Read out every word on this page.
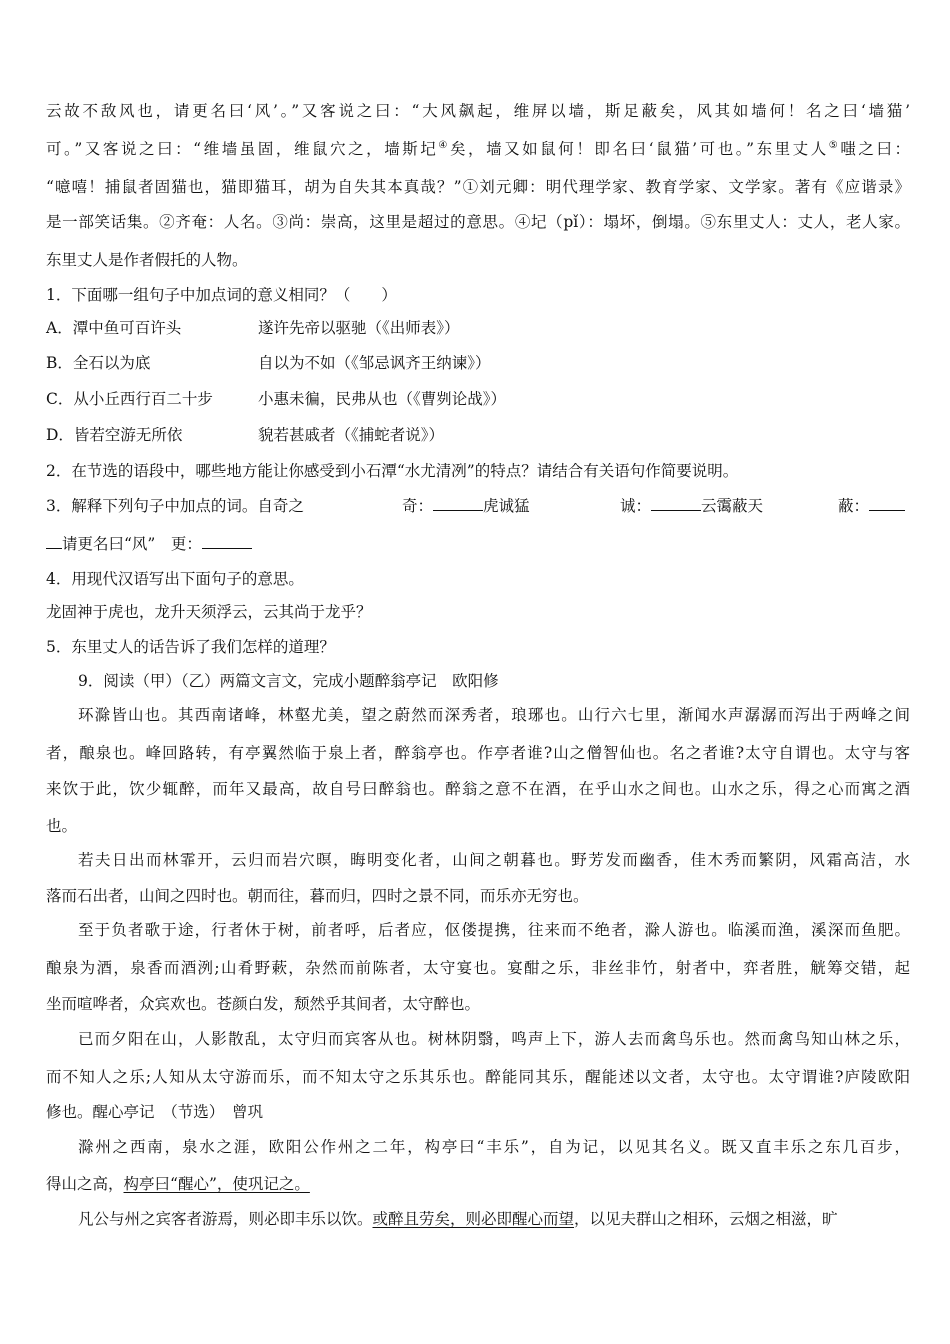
云故不敌风也，请更名曰‘风’。”又客说之曰：“大风飙起，维屏以墙，斯足蔽矣，风其如墙何！名之曰‘墙猫’
可。”又客说之曰：“维墙虽固，维鼠穴之，墙斯圮④矣，墙又如鼠何！即名曰‘鼠猫’可也。”东里丈人⑤嗤之曰：
“噫嘻！捕鼠者固猫也，猫即猫耳，胡为自失其本真哉？”①刘元卿：明代理学家、教育学家、文学家。著有《应谐录》
是一部笑话集。②齐奄：人名。③尚：崇高，这里是超过的意思。④圮（pǐ）：塌坏，倒塌。⑤东里丈人：丈人，老人家。
东里丈人是作者假托的人物。
1．下面哪一组句子中加点词的意义相同？（　　）
A．潭中鱼可百许头	遂许先帝以驱驰（《出师表》）
B．全石以为底	自以为不如（《邹忌讽齐王纳谏》）
C．从小丘西行百二十步	小惠未徧，民弗从也（《曹刿论战》）
D．皆若空游无所依	貌若甚戚者（《捕蛇者说》）
2．在节选的语段中，哪些地方能让你感受到小石潭“水尤清冽”的特点？请结合有关语句作简要说明。
3．解释下列句子中加点的词。自奇之	奇：	虎诚猛	诚：	云霭蔽天	蔽：
请更名曰“风”　 更：
4．用现代汉语写出下面句子的意思。
龙固神于虎也，龙升天须浮云，云其尚于龙乎？
5．东里丈人的话告诉了我们怎样的道理？
9．阅读（甲）（乙）两篇文言文，完成小题醉翁亭记　欧阳修
环滁皆山也。其西南诸峰，林壑尤美，望之蔚然而深秀者，琅琊也。山行六七里，渐闻水声潺潺而泻出于两峰之间
者，酿泉也。峰回路转，有亭翼然临于泉上者，醉翁亭也。作亭者谁?山之僧智仙也。名之者谁?太守自谓也。太守与客
来饮于此，饮少辄醉，而年又最高，故自号曰醉翁也。醉翁之意不在酒，在乎山水之间也。山水之乐，得之心而寓之酒
也。
若夫日出而林霏开，云归而岩穴暝，晦明变化者，山间之朝暮也。野芳发而幽香，佳木秀而繁阴，风霜高洁，水
落而石出者，山间之四时也。朝而往，暮而归，四时之景不同，而乐亦无穷也。
至于负者歌于途，行者休于树，前者呼，后者应，伛偻提携，往来而不绝者，滁人游也。临溪而渔，溪深而鱼肥。
酿泉为酒，泉香而酒洌;山肴野蔌，杂然而前陈者，太守宴也。宴酣之乐，非丝非竹，射者中，弈者胜，觥筹交错，起
坐而喧哗者，众宾欢也。苍颜白发，颓然乎其间者，太守醉也。
已而夕阳在山，人影散乱，太守归而宾客从也。树林阴翳，鸣声上下，游人去而禽鸟乐也。然而禽鸟知山林之乐，
而不知人之乐;人知从太守游而乐，而不知太守之乐其乐也。醉能同其乐，醒能述以文者，太守也。太守谓谁?庐陵欧阳
修也。醒心亭记　（节选）　曾巩
滁州之西南，泉水之涯，欧阳公作州之二年，构亭曰“丰乐”，自为记，以见其名义。既又直丰乐之东几百步，
得山之高，构亭曰“醒心”，使巩记之。
凡公与州之宾客者游焉，则必即丰乐以饮。或醉且劳矣，则必即醒心而望，以见夫群山之相环，云烟之相滋，旷
